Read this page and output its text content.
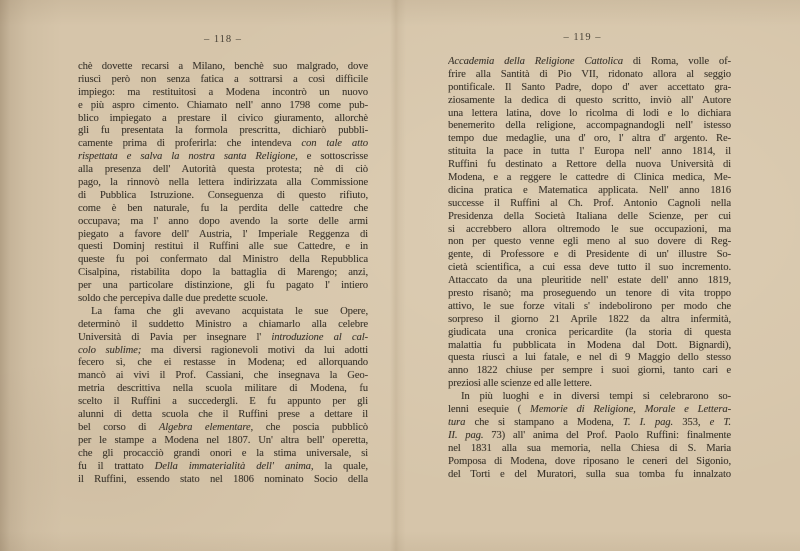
– 118 –
chè dovette recarsi a Milano, benchè suo malgrado, dove
riuscì però non senza fatica a sottrarsi a così difficile
impiego: ma restituitosi a Modena incontrò un nuovo
e più aspro cimento. Chiamato nell' anno 1798 come pub-
blico impiegato a prestare il civico giuramento, allorchè
gli fu presentata la formola prescritta, dichiarò pubbli-
camente prima di proferirla: che intendeva con tale atto
rispettata e salva la nostra santa Religione, e sottoscrisse
alla presenza dell' Autorità questa protesta; nè di ciò
pago, la rinnovò nella lettera indirizzata alla Commissione
di Pubblica Istruzione. Conseguenza di questo rifiuto,
come è ben naturale, fu la perdita delle cattedre che
occupava; ma l' anno dopo avendo la sorte delle armi
piegato a favore dell' Austria, l' Imperiale Reggenza di
questi Dominj restituì il Ruffini alle sue Cattedre, e in
queste fu poi confermato dal Ministro della Repubblica
Cisalpina, ristabilita dopo la battaglia di Marengo; anzi,
per una particolare distinzione, gli fu pagato l' intiero
soldo che percepiva dalle due predette scuole.
La fama che gli avevano acquistata le sue Opere,
determinò il suddetto Ministro a chiamarlo alla celebre
Università di Pavia per insegnare l' introduzione al cal-
colo sublime; ma diversi ragionevoli motivi da lui adotti
fecero sì, che ei restasse in Modena; ed allorquando
mancò ai vivi il Prof. Cassiani, che insegnava la Geo-
metria descrittiva nella scuola militare di Modena, fu
scelto il Ruffini a succedergli. E fu appunto per gli
alunni di detta scuola che il Ruffini prese a dettare il
bel corso di Algebra elementare, che poscia pubblicò
per le stampe a Modena nel 1807. Un' altra bell' operetta,
che gli procacciò grandi onori e la stima universale, si
fu il trattato Della immaterialità dell' anima, la quale,
il Ruffini, essendo stato nel 1806 nominato Socio della
– 119 –
Accademia della Religione Cattolica di Roma, volle of-
frire alla Santità di Pio VII, ridonato allora al seggio
pontificale. Il Santo Padre, dopo d' aver accettato gra-
ziosamente la dedica di questo scritto, inviò all' Autore
una lettera latina, dove lo ricolma di lodi e lo dichiara
benemerito della religione, accompagnandogli nell' istesso
tempo due medaglie, una d' oro, l' altra d' argento. Re-
stituita la pace in tutta l' Europa nell' anno 1814, il
Ruffini fu destinato a Rettore della nuova Università di
Modena, e a reggere le cattedre di Clinica medica, Me-
dicina pratica e Matematica applicata. Nell' anno 1816
successe il Ruffini al Ch. Prof. Antonio Cagnoli nella
Presidenza della Società Italiana delle Scienze, per cui
si accrebbero allora oltremodo le sue occupazioni, ma
non per questo venne egli meno al suo dovere di Reg-
gente, di Professore e di Presidente di un' illustre So-
cietà scientifica, a cui essa deve tutto il suo incremento.
Attaccato da una pleuritide nell' estate dell' anno 1819,
presto risanò; ma proseguendo un tenore di vita troppo
attivo, le sue forze vitali s' indebolirono per modo che
sorpreso il giorno 21 Aprile 1822 da altra infermità,
giudicata una cronica pericardite (la storia di questa
malattia fu pubblicata in Modena dal Dott. Bignardi),
questa riuscì a lui fatale, e nel dì 9 Maggio dello stesso
anno 1822 chiuse per sempre i suoi giorni, tanto cari e
preziosi alle scienze ed alle lettere.
In più luoghi e in diversi tempi si celebrarono so-
lenni esequie ( Memorie di Religione, Morale e Lettera-
tura che si stampano a Modena, T. I. pag. 353, e T.
II. pag. 73) all' anima del Prof. Paolo Ruffini: finalmente
nel 1831 alla sua memoria, nella Chiesa di S. Maria
Pomposa di Modena, dove riposano le ceneri del Sigonio,
del Torti e del Muratori, sulla sua tomba fu innalzato
